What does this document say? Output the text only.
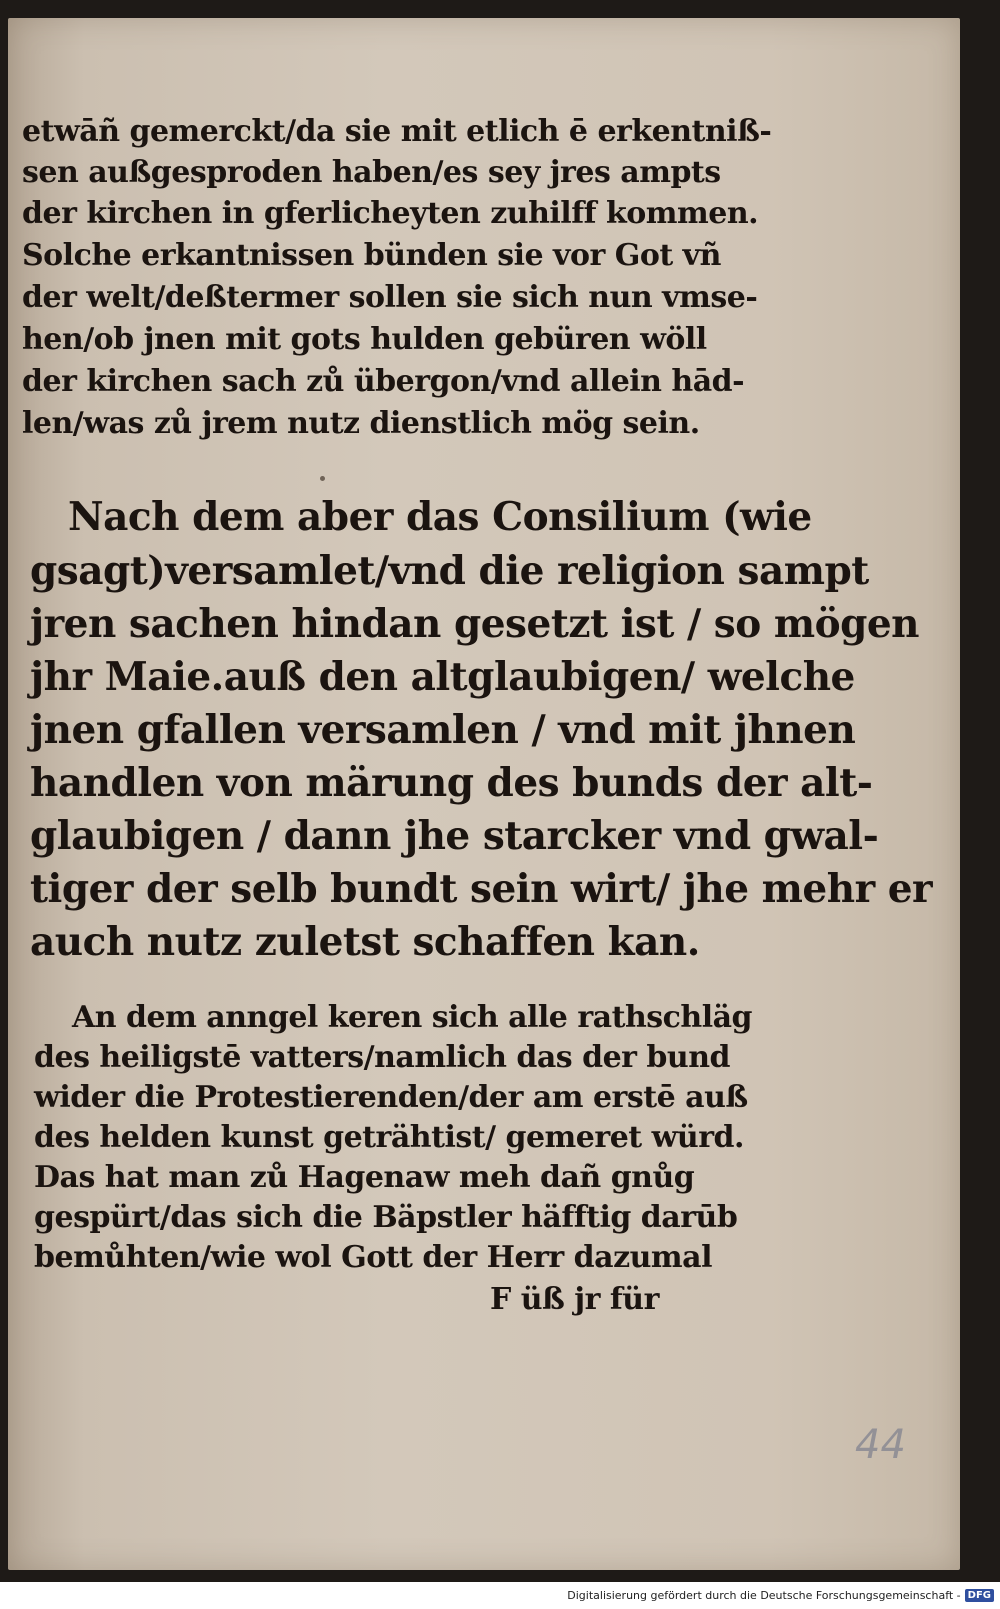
etwāñ gemerckt/da sie mit etlich ē erkentniß‑
sen außgesproden haben/es sey jres ampts
der kirchen in gferlicheyten zuhilff kommen.
Solche erkantnissen bünden sie vor Got vñ
der welt/deßtermer sollen sie sich nun vmse‑
hen/ob jnen mit gots hulden gebüren wöll
der kirchen sach zů übergon/vnd allein hād‑
len/was zů jrem nutz dienstlich mög sein.
Nach dem aber das Consilium (wie
gsagt)versamlet/vnd die religion sampt
jren sachen hindan gesetzt ist / so mögen
jhr Maie.auß den altglaubigen/ welche
jnen gfallen versamlen / vnd mit jhnen
handlen von märung des bunds der alt‑
glaubigen / dann jhe starcker vnd gwal‑
tiger der selb bundt sein wirt/ jhe mehr er
auch nutz zuletst schaffen kan.
An dem anngel keren sich alle rathschläg
des heiligstē vatters/namlich das der bund
wider die Protestierenden/der am erstē auß
des helden kunst geträhtist/ gemeret würd.
Das hat man zů Hagenaw meh dañ gnůg
gespürt/das sich die Bäpstler häfftig darūb
bemůhten/wie wol Gott der Herr dazumal
F üß jr für
44
Digitalisierung gefördert durch die Deutsche Forschungsgemeinschaft - DFG
